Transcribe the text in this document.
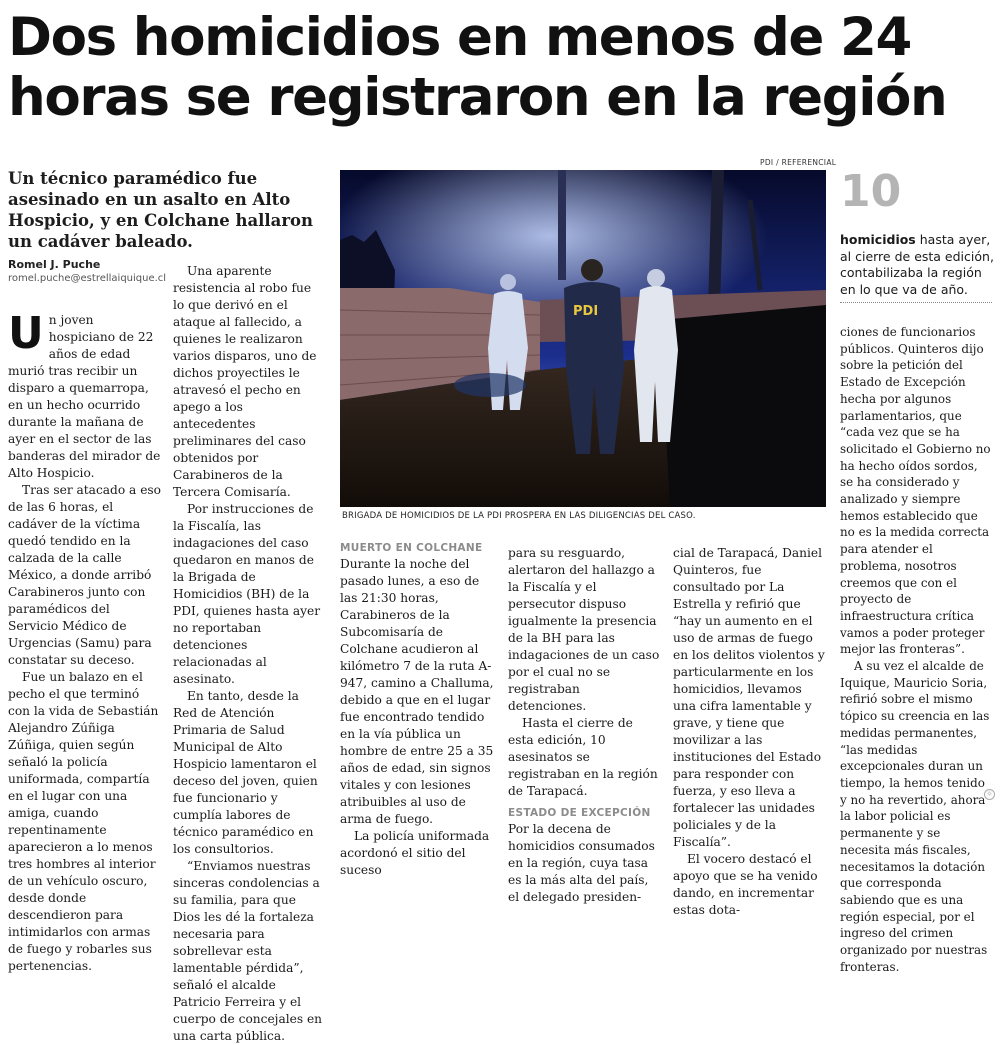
Dos homicidios en menos de 24 horas se registraron en la región
Un técnico paramédico fue asesinado en un asalto en Alto Hospicio, y en Colchane hallaron un cadáver baleado.
Romel J. Puche
romel.puche@estrellaiquique.cl

Un joven hospiciano de 22 años de edad murió tras recibir un disparo a quemarropa, en un hecho ocurrido durante la mañana de ayer en el sector de las banderas del mirador de Alto Hospicio.

Tras ser atacado a eso de las 6 horas, el cadáver de la víctima quedó tendido en la calzada de la calle México, a donde arribó Carabineros junto con paramédicos del Servicio Médico de Urgencias (Samu) para constatar su deceso.

Fue un balazo en el pecho el que terminó con la vida de Sebastián Alejandro Zúñiga Zúñiga, quien según señaló la policía uniformada, compartía en el lugar con una amiga, cuando repentinamente aparecieron a lo menos tres hombres al interior de un vehículo oscuro, desde donde descendieron para intimidarlos con armas de fuego y robarles sus pertenencias.

Una aparente resistencia al robo fue lo que derivó en el ataque al fallecido, a quienes le realizaron varios disparos, uno de dichos proyectiles le atravesó el pecho en apego a los antecedentes preliminares del caso obtenidos por Carabineros de la Tercera Comisaría.

Por instrucciones de la Fiscalía, las indagaciones del caso quedaron en manos de la Brigada de Homicidios (BH) de la PDI, quienes hasta ayer no reportaban detenciones relacionadas al asesinato.

En tanto, desde la Red de Atención Primaria de Salud Municipal de Alto Hospicio lamentaron el deceso del joven, quien fue funcionario y cumplía labores de técnico paramédico en los consultorios.

“Enviamos nuestras sinceras condolencias a su familia, para que Dios les dé la fortaleza necesaria para sobrellevar esta lamentable pérdida”, señaló el alcalde Patricio Ferreira y el cuerpo de concejales en una carta pública.

PDI / REFERENCIAL
PDI
BRIGADA DE HOMICIDIOS DE LA PDI PROSPERA EN LAS DILIGENCIAS DEL CASO.
10
homicidios hasta ayer, al cierre de esta edición, contabilizaba la región en lo que va de año.
MUERTO EN COLCHANE

Durante la noche del pasado lunes, a eso de las 21:30 horas, Carabineros de la Subcomisaría de Colchane acudieron al kilómetro 7 de la ruta A-947, camino a Challuma, debido a que en el lugar fue encontrado tendido en la vía pública un hombre de entre 25 a 35 años de edad, sin signos vitales y con lesiones atribuibles al uso de arma de fuego.

La policía uniformada acordonó el sitio del suceso

para su resguardo, alertaron del hallazgo a la Fiscalía y el persecutor dispuso igualmente la presencia de la BH para las indagaciones de un caso por el cual no se registraban detenciones.

Hasta el cierre de esta edición, 10 asesinatos se registraban en la región de Tarapacá.

ESTADO DE EXCEPCIÓN

Por la decena de homicidios consumados en la región, cuya tasa es la más alta del país, el delegado presiden-

cial de Tarapacá, Daniel Quinteros, fue consultado por La Estrella y refirió que “hay un aumento en el uso de armas de fuego en los delitos violentos y particularmente en los homicidios, llevamos una cifra lamentable y grave, y tiene que movilizar a las instituciones del Estado para responder con fuerza, y eso lleva a fortalecer las unidades policiales y de la Fiscalía”.

El vocero destacó el apoyo que se ha venido dando, en incrementar estas dota-

ciones de funcionarios públicos. Quinteros dijo sobre la petición del Estado de Excepción hecha por algunos parlamentarios, que “cada vez que se ha solicitado el Gobierno no ha hecho oídos sordos, se ha considerado y analizado y siempre hemos establecido que no es la medida correcta para atender el problema, nosotros creemos que con el proyecto de infraestructura crítica vamos a poder proteger mejor las fronteras”.

A su vez el alcalde de Iquique, Mauricio Soria, refirió sobre el mismo tópico su creencia en las medidas permanentes, “las medidas excepcionales duran un tiempo, la hemos tenido y no ha revertido, ahora la labor policial es permanente y se necesita más fiscales, necesitamos la dotación que corresponda sabiendo que es una región especial, por el ingreso del crimen organizado por nuestras fronteras.

☼
